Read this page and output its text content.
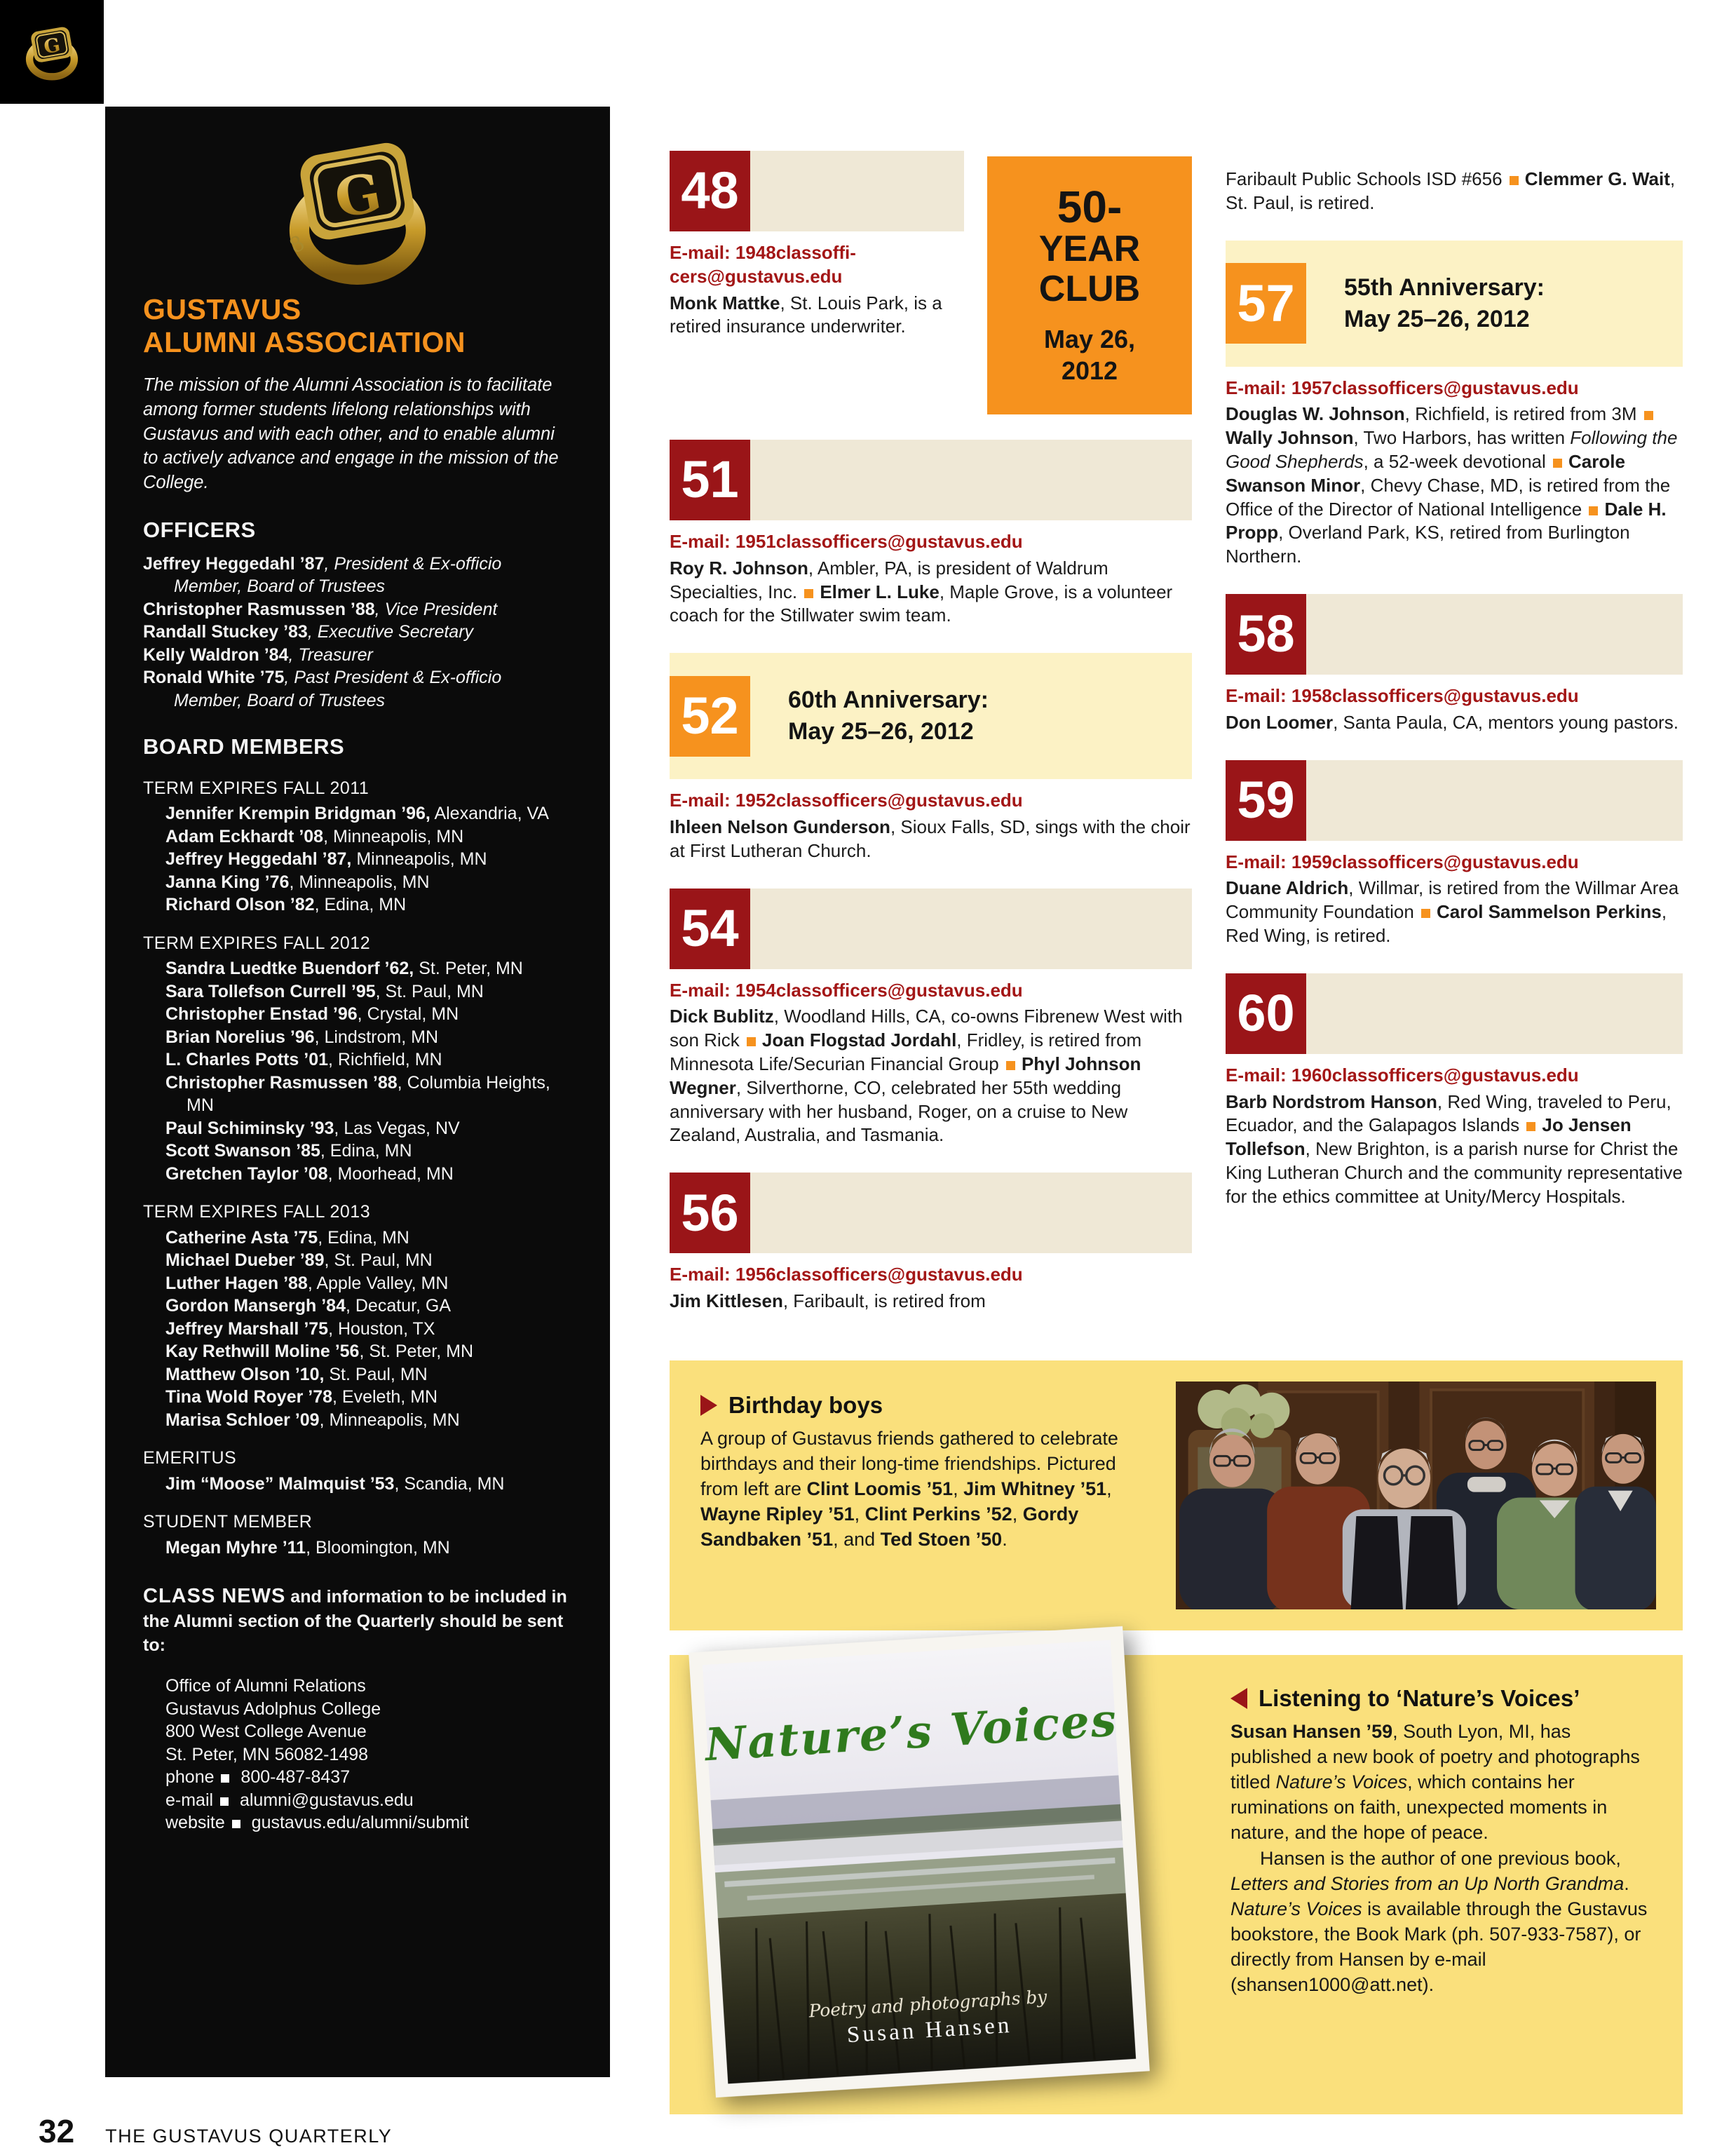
G
G
8
GUSTAVUS
ALUMNI ASSOCIATION

The mission of the Alumni Association is to facilitate among former students lifelong relationships with Gustavus and with each other, and to enable alumni to actively advance and engage in the mission of the College.

OFFICERS

Jeffrey Heggedahl ’87, President & Ex-officio Member, Board of Trustees

Christopher Rasmussen ’88, Vice President

Randall Stuckey ’83, Executive Secretary

Kelly Waldron ’84, Treasurer

Ronald White ’75, Past President & Ex-officio Member, Board of Trustees

BOARD MEMBERS
TERM EXPIRES FALL 2011

Jennifer Krempin Bridgman ’96, Alexandria, VA

Adam Eckhardt ’08, Minneapolis, MN

Jeffrey Heggedahl ’87, Minneapolis, MN

Janna King ’76, Minneapolis, MN

Richard Olson ’82, Edina, MN

TERM EXPIRES FALL 2012

Sandra Luedtke Buendorf ’62, St. Peter, MN

Sara Tollefson Currell ’95, St. Paul, MN

Christopher Enstad ’96, Crystal, MN

Brian Norelius ’96, Lindstrom, MN

L. Charles Potts ’01, Richfield, MN

Christopher Rasmussen ’88, Columbia Heights, MN

Paul Schiminsky ’93, Las Vegas, NV

Scott Swanson ’85, Edina, MN

Gretchen Taylor ’08, Moorhead, MN

TERM EXPIRES FALL 2013

Catherine Asta ’75, Edina, MN

Michael Dueber ’89, St. Paul, MN

Luther Hagen ’88, Apple Valley, MN

Gordon Mansergh ’84, Decatur, GA

Jeffrey Marshall ’75, Houston, TX

Kay Rethwill Moline ’56, St. Peter, MN

Matthew Olson ’10, St. Paul, MN

Tina Wold Royer ’78, Eveleth, MN

Marisa Schloer ’09, Minneapolis, MN

EMERITUS

Jim “Moose” Malmquist ’53, Scandia, MN

STUDENT MEMBER

Megan Myhre ’11, Bloomington, MN

CLASS NEWS and information to be included in the Alumni section of the Quarterly should be sent to:

Office of Alumni Relations

Gustavus Adolphus College

800 West College Avenue

St. Peter, MN 56082-1498

phone  800-487-8437

e-mail  alumni@gustavus.edu

website  gustavus.edu/alumni/submit

48

E-mail: 1948classoffi-cers@gustavus.edu

Monk Mattke, St. Louis Park, is a retired insurance underwriter.

50-
YEAR
CLUB
May 26,
2012
51

E-mail: 1951classofficers@gustavus.edu

Roy R. Johnson, Ambler, PA, is president of Waldrum Specialties, Inc. Elmer L. Luke, Maple Grove, is a volunteer coach for the Stillwater swim team.

52 60th Anniversary:
May 25–26, 2012

E-mail: 1952classofficers@gustavus.edu

Ihleen Nelson Gunderson, Sioux Falls, SD, sings with the choir at First Lutheran Church.

54

E-mail: 1954classofficers@gustavus.edu

Dick Bublitz, Woodland Hills, CA, co-owns Fibrenew West with son Rick Joan Flogstad Jordahl, Fridley, is retired from Minnesota Life/Securian Financial Group Phyl Johnson Wegner, Silverthorne, CO, celebrated her 55th wedding anniversary with her husband, Roger, on a cruise to New Zealand, Australia, and Tasmania.

56

E-mail: 1956classofficers@gustavus.edu

Jim Kittlesen, Faribault, is retired from

Faribault Public Schools ISD #656 Clemmer G. Wait, St. Paul, is retired.

57 55th Anniversary:
May 25–26, 2012

E-mail: 1957classofficers@gustavus.edu

Douglas W. Johnson, Richfield, is retired from 3M Wally Johnson, Two Harbors, has written Following the Good Shepherds, a 52-week devotional Carole Swanson Minor, Chevy Chase, MD, is retired from the Office of the Director of National Intelligence Dale H. Propp, Overland Park, KS, retired from Burlington Northern.

58

E-mail: 1958classofficers@gustavus.edu

Don Loomer, Santa Paula, CA, mentors young pastors.

59

E-mail: 1959classofficers@gustavus.edu

Duane Aldrich, Willmar, is retired from the Willmar Area Community Foundation Carol Sammelson Perkins, Red Wing, is retired.

60

E-mail: 1960classofficers@gustavus.edu

Barb Nordstrom Hanson, Red Wing, traveled to Peru, Ecuador, and the Galapagos Islands Jo Jensen Tollefson, New Brighton, is a parish nurse for Christ the King Lutheran Church and the community representative for the ethics committee at Unity/Mercy Hospitals.

Birthday boys

A group of Gustavus friends gathered to celebrate birthdays and their long-time friendships. Pictured from left are Clint Loomis ’51, Jim Whitney ’51, Wayne Ripley ’51, Clint Perkins ’52, Gordy Sandbaken ’51, and Ted Stoen ’50.

Nature’s Voices
Poetry and photographs by
Susan Hansen
Listening to ‘Nature’s Voices’

Susan Hansen ’59, South Lyon, MI, has published a new book of poetry and photographs titled Nature’s Voices, which contains her ruminations on faith, unexpected moments in nature, and the hope of peace.

Hansen is the author of one previous book, Letters and Stories from an Up North Grandma. Nature’s Voices is available through the Gustavus bookstore, the Book Mark (ph. 507-933-7587), or directly from Hansen by e-mail (shansen1000@att.net).

32 THE GUSTAVUS QUARTERLY
